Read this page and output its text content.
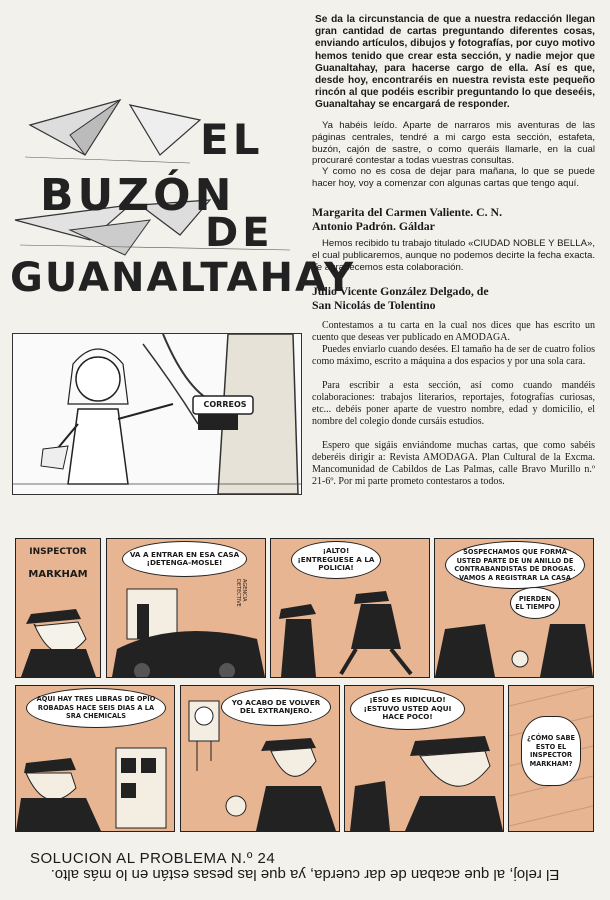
EL
BUZÓN
DE
GUANALTAHAY
Se da la circunstancia de que a nuestra redacción llegan gran cantidad de cartas preguntando diferentes cosas, enviando artículos, dibujos y fotografías, por cuyo motivo hemos tenido que crear esta sección, y nadie mejor que Guanaltahay, para hacerse cargo de ella. Así es que, desde hoy, encontraréis en nuestra revista este pequeño rincón al que podéis escribir preguntando lo que deseéis, Guanaltahay se encargará de responder.

Ya habéis leído. Aparte de narraros mis aventuras de las páginas centrales, tendré a mi cargo esta sección, estafeta, buzón, cajón de sastre, o como queráis llamarle, en la cual procuraré contestar a todas vuestras consultas.

Y como no es cosa de dejar para mañana, lo que se puede hacer hoy, voy a comenzar con algunas cartas que tengo aquí.

Margarita del Carmen Valiente. C. N.
Antonio Padrón. Gáldar

Hemos recibido tu trabajo titulado «CIUDAD NOBLE Y BELLA», el cual publicaremos, aunque no podemos decirte la fecha exacta. Te agradecemos esta colaboración.

Julio Vicente González Delgado, de
San Nicolás de Tolentino

Contestamos a tu carta en la cual nos dices que has escrito un cuento que deseas ver publicado en AMODAGA.

Puedes enviarlo cuando desées. El tamaño ha de ser de cuatro folios como máximo, escrito a máquina a dos espacios y por una sola cara.

Para escribir a esta sección, así como cuando mandéis colaboraciones: trabajos literarios, reportajes, fotografías curiosas, etc... debéis poner aparte de vuestro nombre, edad y domicilio, el nombre del colegio donde cursáis estudios.

Espero que sigáis enviándome muchas cartas, que como sabéis deberéis dirigir a: Revista AMODAGA. Plan Cultural de la Excma. Mancomunidad de Cabildos de Las Palmas, calle Bravo Murillo n.º 21-6º. Por mi parte prometo contestaros a todos.

CORREOS
INSPECTOR
MARKHAM
VA A ENTRAR EN ESA CASA ¡DETENGA-MOSLE!
AGENCIA DETECTIVE
¡ALTO! ¡ENTREGUESE A LA POLICIA!
SOSPECHAMOS QUE FORMA USTED PARTE DE UN ANILLO DE CONTRABANDISTAS DE DROGAS. VAMOS A REGISTRAR LA CASA
PIERDEN EL TIEMPO
AQUI HAY TRES LIBRAS DE OPIO ROBADAS HACE SEIS DIAS A LA SRA CHEMICALS
YO ACABO DE VOLVER DEL EXTRANJERO.
¡ESO ES RIDICULO! ¡ESTUVO USTED AQUI HACE POCO!
¿CÓMO SABE ESTO EL INSPECTOR MARKHAM?
SOLUCION AL PROBLEMA N.º 24
El reloj, al que acaban de dar cuerda, ya que las pesas están en lo más alto.
